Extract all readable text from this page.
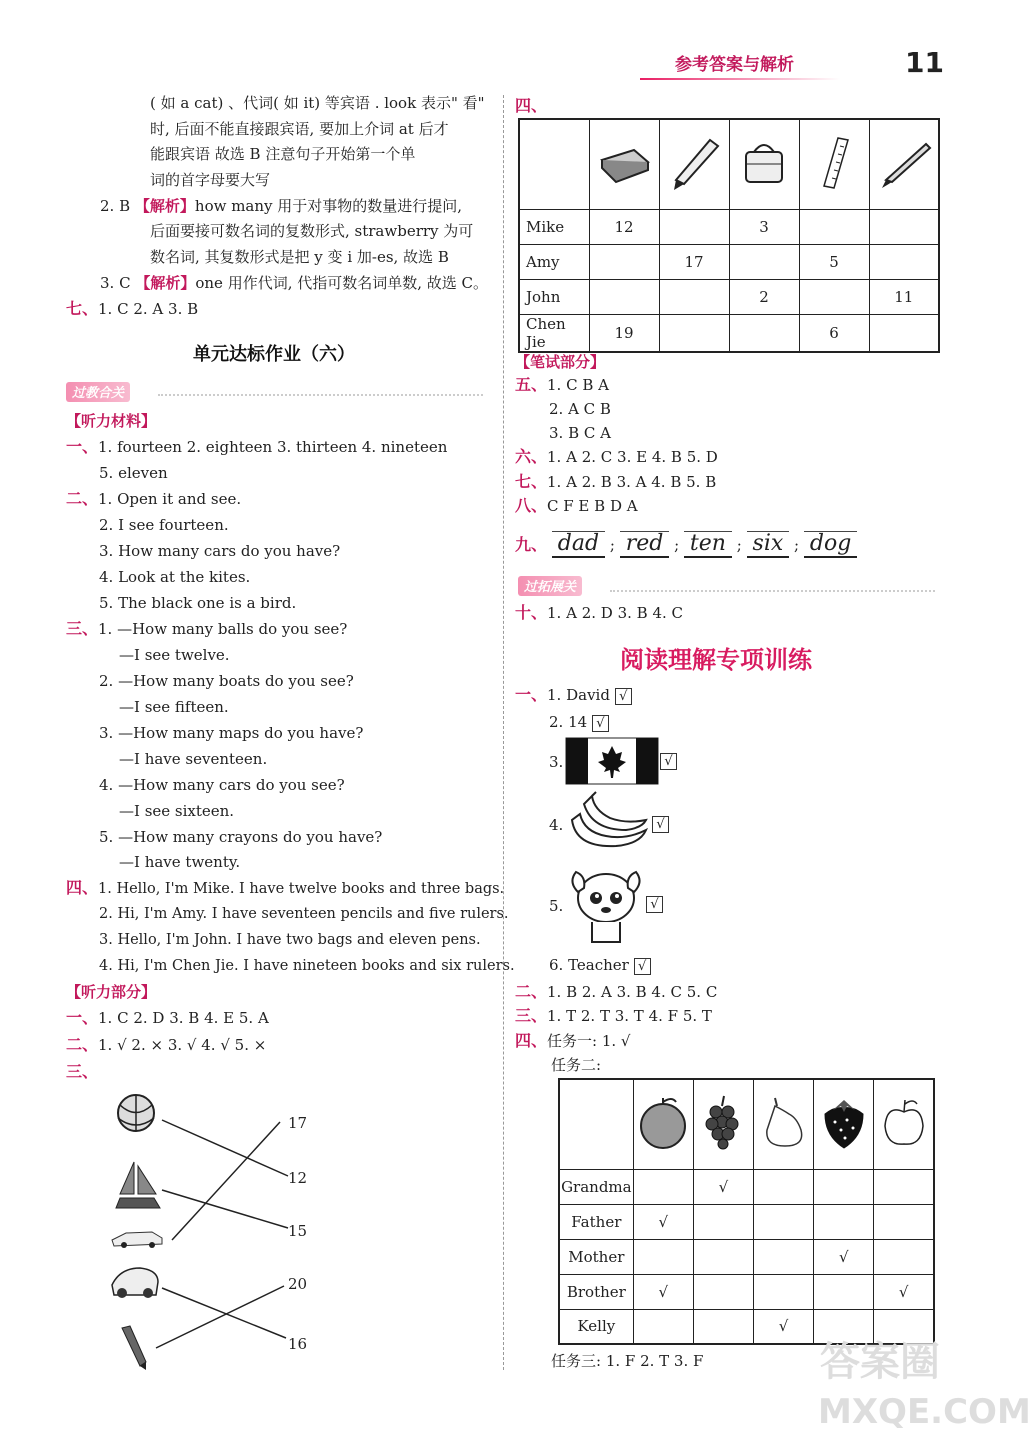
参考答案与解析	11
( 如 a cat) 、代词( 如 it) 等宾语 . look 表示" 看"
时, 后面不能直接跟宾语, 要加上介词 at 后才
能跟宾语 故选 B 注意句子开始第一个单
词的首字母要大写
2. B 【解析】how many 用于对事物的数量进行提问,
后面要接可数名词的复数形式, strawberry 为可
数名词, 其复数形式是把 y 变 i 加-es, 故选 B
3. C 【解析】one 用作代词, 代指可数名词单数, 故选 C。
七、1. C 2. A 3. B
单元达标作业（六）
过教合关
【听力材料】
一、1. fourteen 2. eighteen 3. thirteen 4. nineteen
5. eleven
二、1. Open it and see.
2. I see fourteen.
3. How many cars do you have?
4. Look at the kites.
5. The black one is a bird.
三、1. —How many balls do you see?
—I see twelve.
2. —How many boats do you see?
—I see fifteen.
3. —How many maps do you have?
—I have seventeen.
4. —How many cars do you see?
—I see sixteen.
5. —How many crayons do you have?
—I have twenty.
四、1. Hello, I'm Mike. I have twelve books and three bags.
2. Hi, I'm Amy. I have seventeen pencils and five rulers.
3. Hello, I'm John. I have two bags and eleven pens.
4. Hi, I'm Chen Jie. I have nineteen books and six rulers.
【听力部分】
一、1. C 2. D 3. B 4. E 5. A
二、1. √ 2. × 3. √ 4. √ 5. ×
三、
17
12
15
20
16
四、

Mike	12		3		
Amy		17		5	
John			2		11
Chen Jie	19			6	
【笔试部分】
五、1. C B A
2. A C B
3. B C A
六、1. A 2. C 3. E 4. B 5. D
七、1. A 2. B 3. A 4. B 5. B
八、C F E B D A
九、 dad ; red ; ten ; six ; dog
过拓展关
十、1. A 2. D 3. B 4. C
阅读理解专项训练
一、1. David √
2. 14 √
3.	√
4.	√
5.	√
6. Teacher √
二、1. B 2. A 3. B 4. C 5. C
三、1. T 2. T 3. T 4. F 5. T
四、任务一: 1. √
任务二:

Grandma		√			
Father	√				
Mother				√	
Brother	√				√
Kelly			√		
任务三: 1. F 2. T 3. F	答案圈
MXQE.COM
